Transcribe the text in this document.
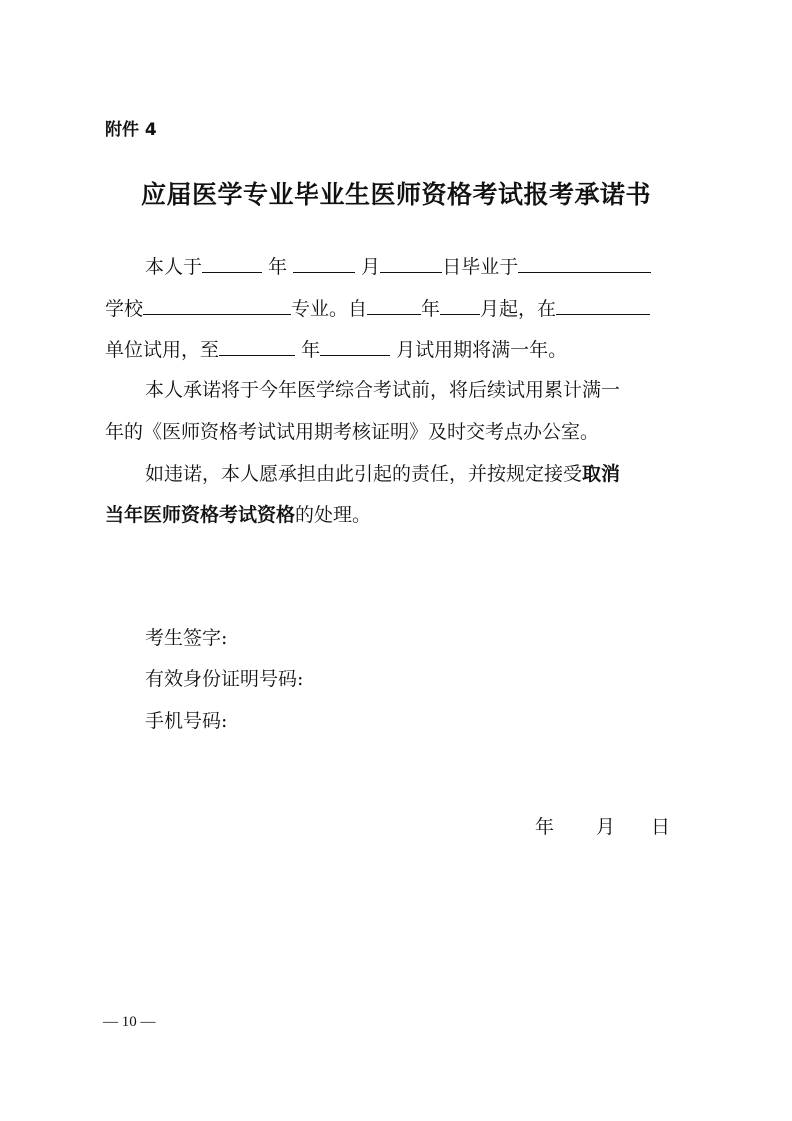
附件 4
应届医学专业毕业生医师资格考试报考承诺书
本人于	年	月	日毕业于
学校	专业。自	年 月起，在
单位试用，至	年	月试用期将满一年。
本人承诺将于今年医学综合考试前，将后续试用累计满一
年的《医师资格考试试用期考核证明》及时交考点办公室。
如违诺，本人愿承担由此引起的责任，并按规定接受取消
当年医师资格考试资格的处理。
考生签字:
有效身份证明号码:
手机号码:
年 月 日
— 10 —
